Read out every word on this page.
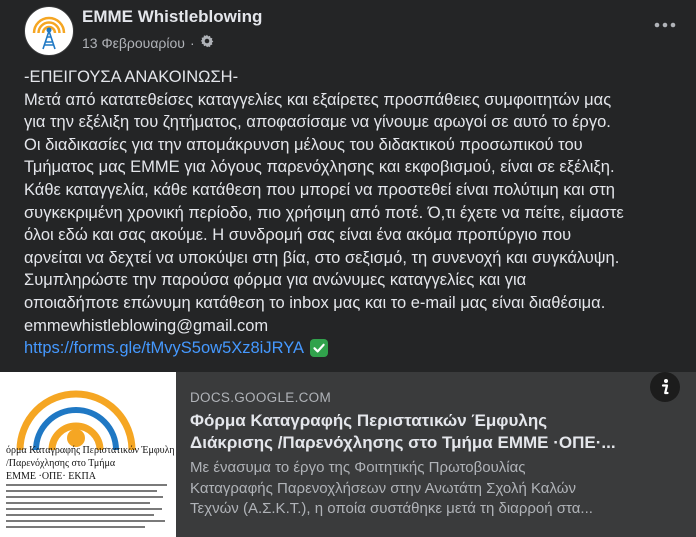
EMME Whistleblowing
13 Φεβρουαρίου ·
-ΕΠΕΙΓΟΥΣΑ ΑΝΑΚΟΙΝΩΣΗ-
Μετά από κατατεθείσες καταγγελίες και εξαίρετες προσπάθειες συμφοιτητών μας
για την εξέλιξη του ζητήματος, αποφασίσαμε να γίνουμε αρωγοί σε αυτό το έργο.
Οι διαδικασίες για την απομάκρυνση μέλους του διδακτικού προσωπικού του
Τμήματος μας ΕΜΜΕ για λόγους παρενόχλησης και εκφοβισμού, είναι σε εξέλιξη.
Κάθε καταγγελία, κάθε κατάθεση που μπορεί να προστεθεί είναι πολύτιμη και στη
συγκεκριμένη χρονική περίοδο, πιο χρήσιμη από ποτέ. Ό,τι έχετε να πείτε, είμαστε
όλοι εδώ και σας ακούμε. Η συνδρομή σας είναι ένα ακόμα προπύργιο που
αρνείται να δεχτεί να υποκύψει στη βία, στο σεξισμό, τη συνενοχή και συγκάλυψη.
Συμπληρώστε την παρούσα φόρμα για ανώνυμες καταγγελίες και για
οποιαδήποτε επώνυμη κατάθεση το inbox μας και το e-mail μας είναι διαθέσιμα.
emmewhistleblowing@gmail.com
https://forms.gle/tMvyS5ow5Xz8iJRYA
όρμα Καταγραφής Περιστατικών Έμφυλη
/Παρενόχλησης στο Τμήμα
ΕΜΜΕ ·ΟΠΕ· ΕΚΠΑ
DOCS.GOOGLE.COM
Φόρμα Καταγραφής Περιστατικών Έμφυλης
Διάκρισης /Παρενόχλησης στο Τμήμα ΕΜΜΕ ·ΟΠΕ·...
Με ένασυμα το έργο της Φοιτητικής Πρωτοβουλίας
Καταγραφής Παρενοχλήσεων στην Ανωτάτη Σχολή Καλών
Τεχνών (Α.Σ.Κ.Τ.), η οποία συστάθηκε μετά τη διαρροή στα...
